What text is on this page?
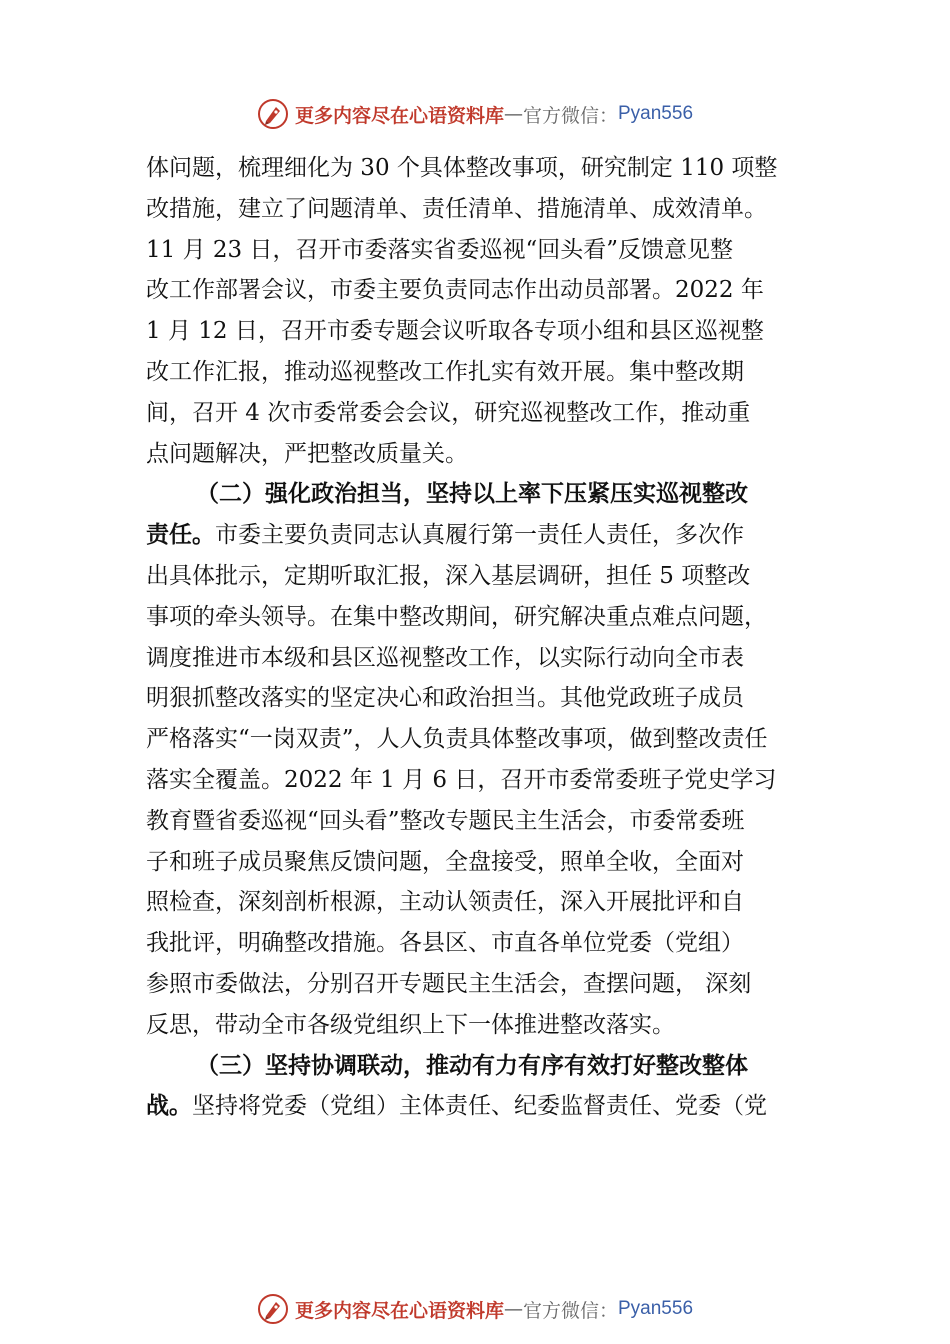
更多内容尽在心语资料库 — 官方微信： Pyan556
体问题，梳理细化为 30 个具体整改事项，研究制定 110 项整
改措施，建立了问题清单、责任清单、措施清单、成效清单。
11 月 23 日，召开市委落实省委巡视“回头看”反馈意见整
改工作部署会议，市委主要负责同志作出动员部署。2022 年
1 月 12 日，召开市委专题会议听取各专项小组和县区巡视整
改工作汇报，推动巡视整改工作扎实有效开展。集中整改期
间，召开 4 次市委常委会会议，研究巡视整改工作，推动重
点问题解决，严把整改质量关。
（二）强化政治担当，坚持以上率下压紧压实巡视整改
责任。市委主要负责同志认真履行第一责任人责任，多次作
出具体批示，定期听取汇报，深入基层调研，担任 5 项整改
事项的牵头领导。在集中整改期间，研究解决重点难点问题，
调度推进市本级和县区巡视整改工作，以实际行动向全市表
明狠抓整改落实的坚定决心和政治担当。其他党政班子成员
严格落实“一岗双责”，人人负责具体整改事项，做到整改责任
落实全覆盖。2022 年 1 月 6 日，召开市委常委班子党史学习
教育暨省委巡视“回头看”整改专题民主生活会，市委常委班
子和班子成员聚焦反馈问题，全盘接受，照单全收，全面对
照检查，深刻剖析根源，主动认领责任，深入开展批评和自
我批评，明确整改措施。各县区、市直各单位党委（党组）
参照市委做法，分别召开专题民主生活会，查摆问题， 深刻
反思，带动全市各级党组织上下一体推进整改落实。
（三）坚持协调联动，推动有力有序有效打好整改整体
战。坚持将党委（党组）主体责任、纪委监督责任、党委（党
更多内容尽在心语资料库 — 官方微信： Pyan556
